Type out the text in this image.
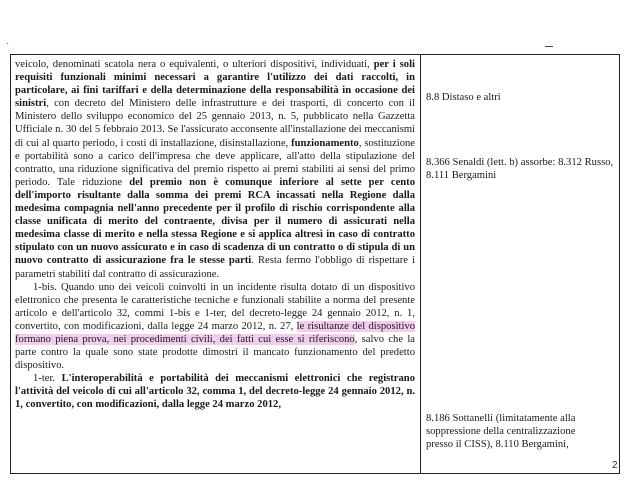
˙

veicolo, denominati scatola nera o equivalenti, o ulteriori dispositivi, individuati, per i soli requisiti funzionali minimi necessari a garantire l'utilizzo dei dati raccolti, in particolare, ai fini tariffari e della determinazione della responsabilità in occasione dei sinistri, con decreto del Ministero delle infrastrutture e dei trasporti, di concerto con il Ministero dello sviluppo economico del 25 gennaio 2013, n. 5, pubblicato nella Gazzetta Ufficiale n. 30 del 5 febbraio 2013. Se l'assicurato acconsente all'installazione dei meccanismi di cui al quarto periodo, i costi di installazione, disinstallazione, funzionamento, sostituzione e portabilità sono a carico dell'impresa che deve applicare, all'atto della stipulazione del contratto, una riduzione significativa del premio rispetto ai premi stabiliti ai sensi del primo periodo. Tale riduzione del premio non è comunque inferiore al sette per cento dell'importo risultante dalla somma dei premi RCA incassati nella Regione dalla medesima compagnia nell'anno precedente per il profilo di rischio corrispondente alla classe unificata di merito del contraente, divisa per il numero di assicurati nella medesima classe di merito e nella stessa Regione e si applica altresì in caso di contratto stipulato con un nuovo assicurato e in caso di scadenza di un contratto o di stipula di un nuovo contratto di assicurazione fra le stesse parti. Resta fermo l'obbligo di rispettare i parametri stabiliti dal contratto di assicurazione.

1-bis. Quando uno dei veicoli coinvolti in un incidente risulta dotato di un dispositivo elettronico che presenta le caratteristiche tecniche e funzionali stabilite a norma del presente articolo e dell'articolo 32, commi 1-bis e 1-ter, del decreto-legge 24 gennaio 2012, n. 1, convertito, con modificazioni, dalla legge 24 marzo 2012, n. 27, le risultanze del dispositivo formano piena prova, nei procedimenti civili, dei fatti cui esse si riferiscono, salvo che la parte contro la quale sono state prodotte dimostri il mancato funzionamento del predetto dispositivo.

1-ter. L'interoperabilità e portabilità dei meccanismi elettronici che registrano l'attività del veicolo di cui all'articolo 32, comma 1, del decreto-legge 24 gennaio 2012, n. 1, convertito, con modificazioni, dalla legge 24 marzo 2012,

8.8 Distaso e altri
8.366 Senaldi (lett. b) assorbe: 8.312 Russo, 8.111 Bergamini
8.186 Sottanelli (limitatamente alla
soppressione della centralizzazione
presso il CISS), 8.110 Bergamini,
2
